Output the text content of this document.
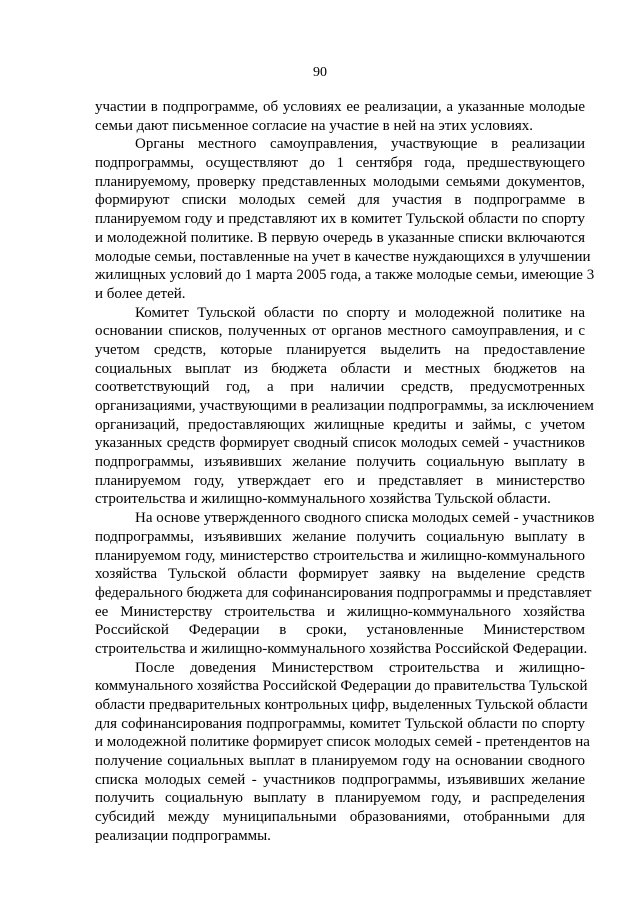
90
участии в подпрограмме, об условиях ее реализации, а указанные молодые
семьи дают письменное согласие на участие в ней на этих условиях.
Органы местного самоуправления, участвующие в реализации
подпрограммы, осуществляют до 1 сентября года, предшествующего
планируемому, проверку представленных молодыми семьями документов,
формируют списки молодых семей для участия в подпрограмме в
планируемом году и представляют их в комитет Тульской области по спорту
и молодежной политике. В первую очередь в указанные списки включаются
молодые семьи, поставленные на учет в качестве нуждающихся в улучшении
жилищных условий до 1 марта 2005 года, а также молодые семьи, имеющие 3
и более детей.
Комитет Тульской области по спорту и молодежной политике на
основании списков, полученных от органов местного самоуправления, и с
учетом средств, которые планируется выделить на предоставление
социальных выплат из бюджета области и местных бюджетов на
соответствующий год, а при наличии средств, предусмотренных
организациями, участвующими в реализации подпрограммы, за исключением
организаций, предоставляющих жилищные кредиты и займы, с учетом
указанных средств формирует сводный список молодых семей - участников
подпрограммы, изъявивших желание получить социальную выплату в
планируемом году, утверждает его и представляет в министерство
строительства и жилищно-коммунального хозяйства Тульской области.
На основе утвержденного сводного списка молодых семей - участников
подпрограммы, изъявивших желание получить социальную выплату в
планируемом году, министерство строительства и жилищно-коммунального
хозяйства Тульской области формирует заявку на выделение средств
федерального бюджета для софинансирования подпрограммы и представляет
ее Министерству строительства и жилищно-коммунального хозяйства
Российской Федерации в сроки, установленные Министерством
строительства и жилищно-коммунального хозяйства Российской Федерации.
После доведения Министерством строительства и жилищно-
коммунального хозяйства Российской Федерации до правительства Тульской
области предварительных контрольных цифр, выделенных Тульской области
для софинансирования подпрограммы, комитет Тульской области по спорту
и молодежной политике формирует список молодых семей - претендентов на
получение социальных выплат в планируемом году на основании сводного
списка молодых семей - участников подпрограммы, изъявивших желание
получить социальную выплату в планируемом году, и распределения
субсидий между муниципальными образованиями, отобранными для
реализации подпрограммы.
